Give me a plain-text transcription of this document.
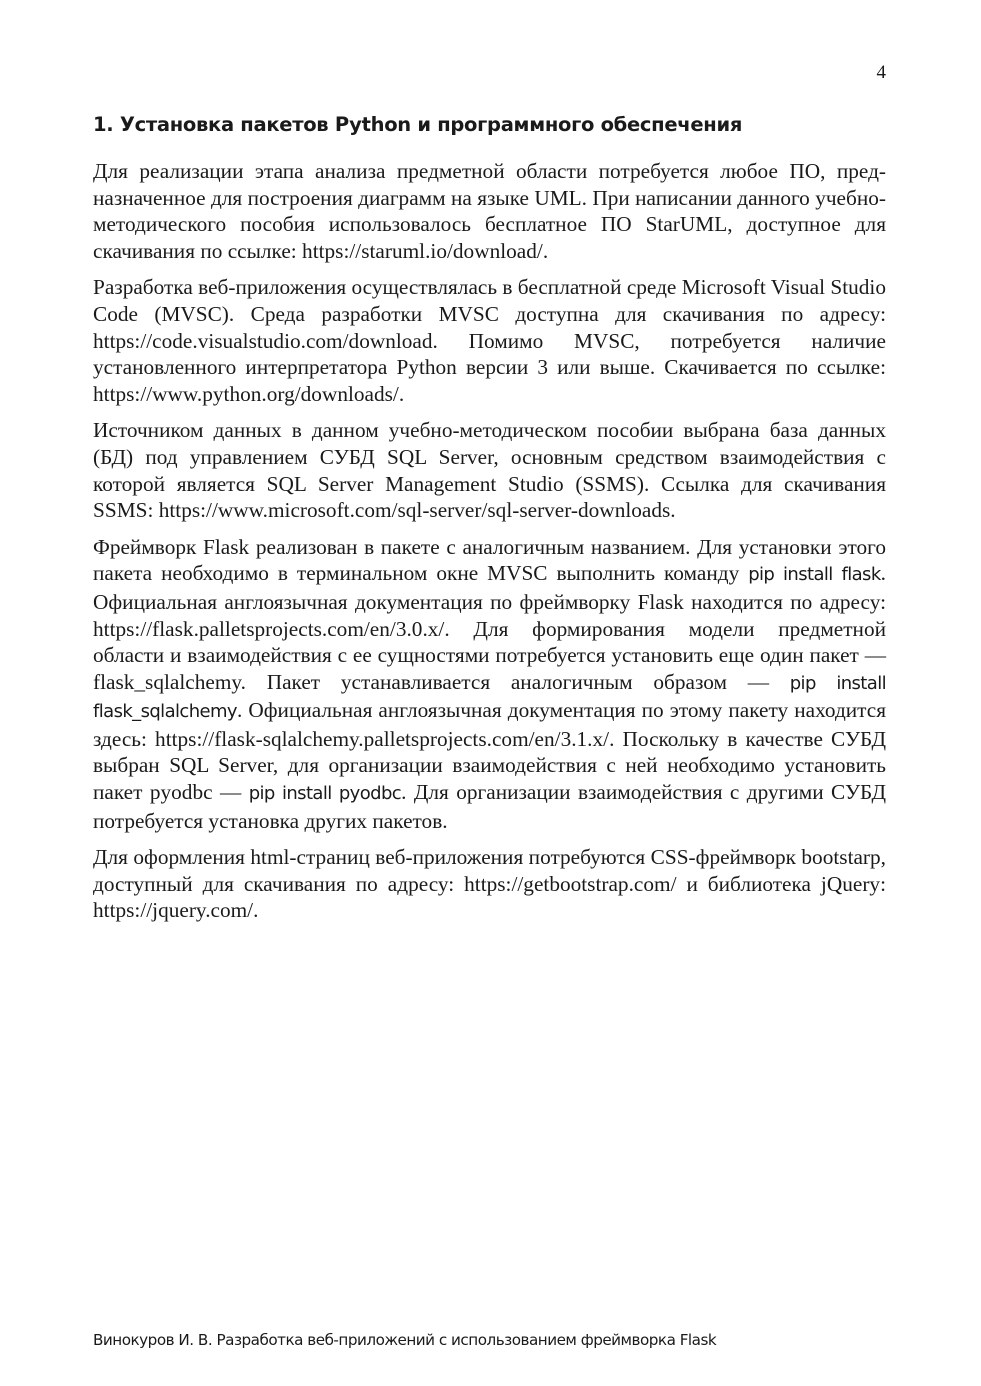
4
1. Установка пакетов Python и программного обеспечения

Для реализации этапа анализа предметной области потребуется любое ПО, предназначенное для построения диаграмм на языке UML. При написании данного учебно-методического пособия использовалось бесплатное ПО StarUML, доступное для скачивания по ссылке: https://staruml.io/download/.

Разработка веб-приложения осуществлялась в бесплатной среде Microsoft Visual Studio Code (MVSC). Среда разработки MVSC доступна для скачивания по адресу: https://code.visualstudio.com/download. Помимо MVSC, потребуется наличие установленного интерпретатора Python версии 3 или выше. Скачивается по ссылке: https://www.python.org/downloads/.

Источником данных в данном учебно-методическом пособии выбрана база данных (БД) под управлением СУБД SQL Server, основным средством взаимодействия с которой является SQL Server Management Studio (SSMS). Ссылка для скачивания SSMS: https://www.microsoft.com/sql-server/sql-server-downloads.

Фреймворк Flask реализован в пакете с аналогичным названием. Для установки этого пакета необходимо в терминальном окне MVSC выполнить команду pip install flask. Официальная англоязычная документация по фреймворку Flask находится по адресу: https://flask.palletsprojects.com/en/3.0.x/. Для формирования модели предметной области и взаимодействия с ее сущностями потребуется установить еще один пакет — flask_sqlalchemy. Пакет устанавливается аналогичным образом — pip install flask_sqlalchemy. Официальная англоязычная документация по этому пакету находится здесь: https://flask-sqlalchemy.palletsprojects.com/en/3.1.x/. Поскольку в качестве СУБД выбран SQL Server, для организации взаимодействия с ней необходимо установить пакет pyodbc — pip install pyodbc. Для организации взаимодействия с другими СУБД потребуется установка других пакетов.

Для оформления html-страниц веб-приложения потребуются CSS-фреймворк bootstarp, доступный для скачивания по адресу: https://getbootstrap.com/ и библиотека jQuery: https://jquery.com/.

Винокуров И. В. Разработка веб-приложений с использованием фреймворка Flask
